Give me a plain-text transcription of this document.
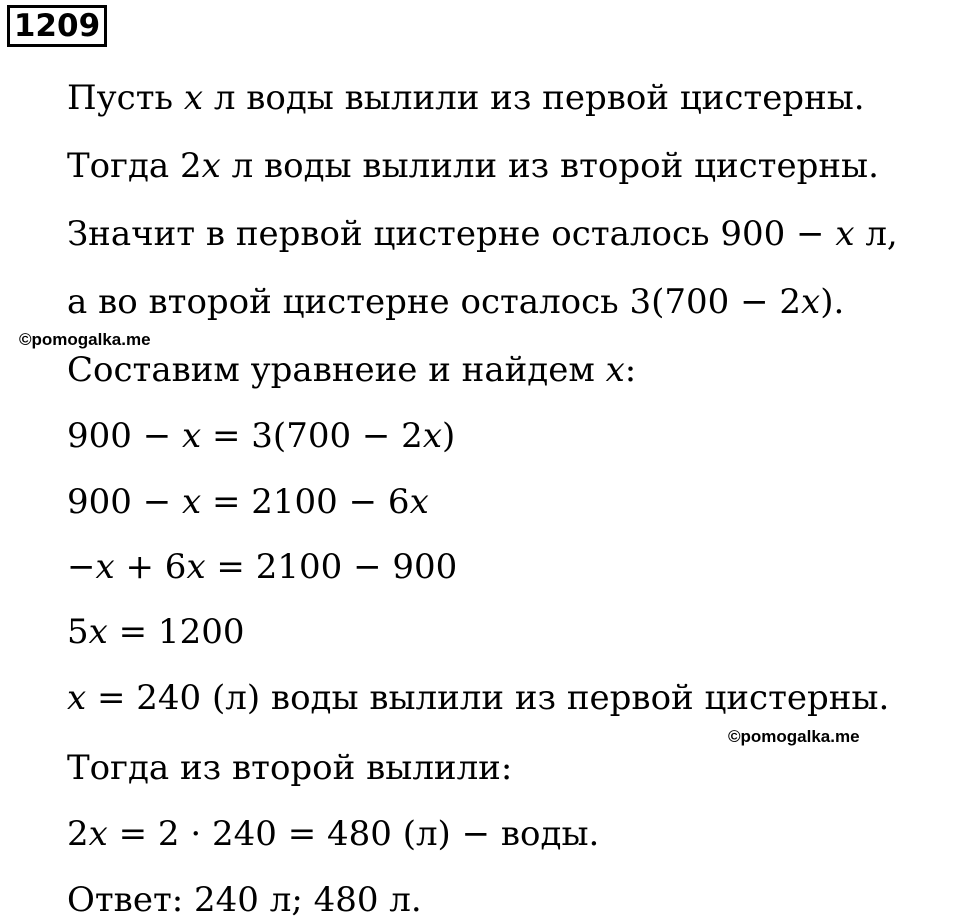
1209
Пусть x л воды вылили из первой цистерны.
Тогда 2x л воды вылили из второй цистерны.
Значит в первой цистерне осталось 900 − x л,
а во второй цистерне осталось 3(700 − 2x).
Составим уравнеие и найдем x:
900 − x = 3(700 − 2x)
900 − x = 2100 − 6x
−x + 6x = 2100 − 900
5x = 1200
x = 240 (л) воды вылили из первой цистерны.
Тогда из второй вылили:
2x = 2 · 240 = 480 (л) − воды.
Ответ: 240 л; 480 л.
©pomogalka.me
©pomogalka.me
